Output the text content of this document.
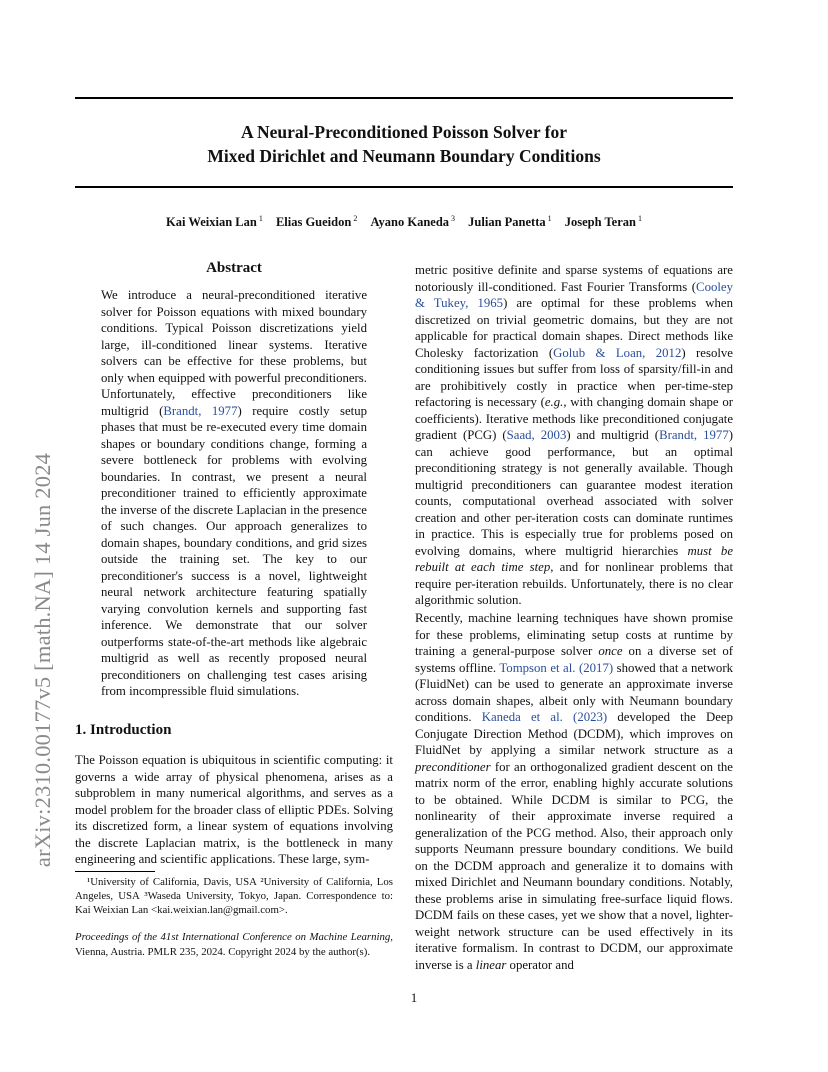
A Neural-Preconditioned Poisson Solver for
Mixed Dirichlet and Neumann Boundary Conditions
Kai Weixian Lan $^1$ Elias Gueidon $^2$ Ayano Kaneda $^3$ Julian Panetta $^1$ Joseph Teran $^1$
arXiv:2310.00177v5 [math.NA] 14 Jun 2024
Abstract
We introduce a neural-preconditioned iterative solver for Poisson equations with mixed boundary conditions. Typical Poisson discretizations yield large, ill-conditioned linear systems. Iterative solvers can be effective for these problems, but only when equipped with powerful preconditioners. Unfortunately, effective preconditioners like multigrid (Brandt, 1977) require costly setup phases that must be re-executed every time domain shapes or boundary conditions change, forming a severe bottleneck for problems with evolving boundaries. In contrast, we present a neural preconditioner trained to efficiently approximate the inverse of the discrete Laplacian in the presence of such changes. Our approach generalizes to domain shapes, boundary conditions, and grid sizes outside the training set. The key to our preconditioner's success is a novel, lightweight neural network architecture featuring spatially varying convolution kernels and supporting fast inference. We demonstrate that our solver outperforms state-of-the-art methods like algebraic multigrid as well as recently proposed neural preconditioners on challenging test cases arising from incompressible fluid simulations.
1. Introduction
The Poisson equation is ubiquitous in scientific computing: it governs a wide array of physical phenomena, arises as a subproblem in many numerical algorithms, and serves as a model problem for the broader class of elliptic PDEs. Solving its discretized form, a linear system of equations involving the discrete Laplacian matrix, is the bottleneck in many engineering and scientific applications. These large, sym-
¹University of California, Davis, USA ²University of California, Los Angeles, USA ³Waseda University, Tokyo, Japan. Correspondence to: Kai Weixian Lan <kai.weixian.lan@gmail.com>.
Proceedings of the 41st International Conference on Machine Learning, Vienna, Austria. PMLR 235, 2024. Copyright 2024 by the author(s).
metric positive definite and sparse systems of equations are notoriously ill-conditioned. Fast Fourier Transforms (Cooley & Tukey, 1965) are optimal for these problems when discretized on trivial geometric domains, but they are not applicable for practical domain shapes. Direct methods like Cholesky factorization (Golub & Loan, 2012) resolve conditioning issues but suffer from loss of sparsity/fill-in and are prohibitively costly in practice when per-time-step refactoring is necessary (e.g., with changing domain shape or coefficients). Iterative methods like preconditioned conjugate gradient (PCG) (Saad, 2003) and multigrid (Brandt, 1977) can achieve good performance, but an optimal preconditioning strategy is not generally available. Though multigrid preconditioners can guarantee modest iteration counts, computational overhead associated with solver creation and other per-iteration costs can dominate runtimes in practice. This is especially true for problems posed on evolving domains, where multigrid hierarchies must be rebuilt at each time step, and for nonlinear problems that require per-iteration rebuilds. Unfortunately, there is no clear algorithmic solution.
Recently, machine learning techniques have shown promise for these problems, eliminating setup costs at runtime by training a general-purpose solver once on a diverse set of systems offline. Tompson et al. (2017) showed that a network (FluidNet) can be used to generate an approximate inverse across domain shapes, albeit only with Neumann boundary conditions. Kaneda et al. (2023) developed the Deep Conjugate Direction Method (DCDM), which improves on FluidNet by applying a similar network structure as a preconditioner for an orthogonalized gradient descent on the matrix norm of the error, enabling highly accurate solutions to be obtained. While DCDM is similar to PCG, the nonlinearity of their approximate inverse required a generalization of the PCG method. Also, their approach only supports Neumann pressure boundary conditions. We build on the DCDM approach and generalize it to domains with mixed Dirichlet and Neumann boundary conditions. Notably, these problems arise in simulating free-surface liquid flows. DCDM fails on these cases, yet we show that a novel, lighter-weight network structure can be used effectively in its iterative formalism. In contrast to DCDM, our approximate inverse is a linear operator and
1
